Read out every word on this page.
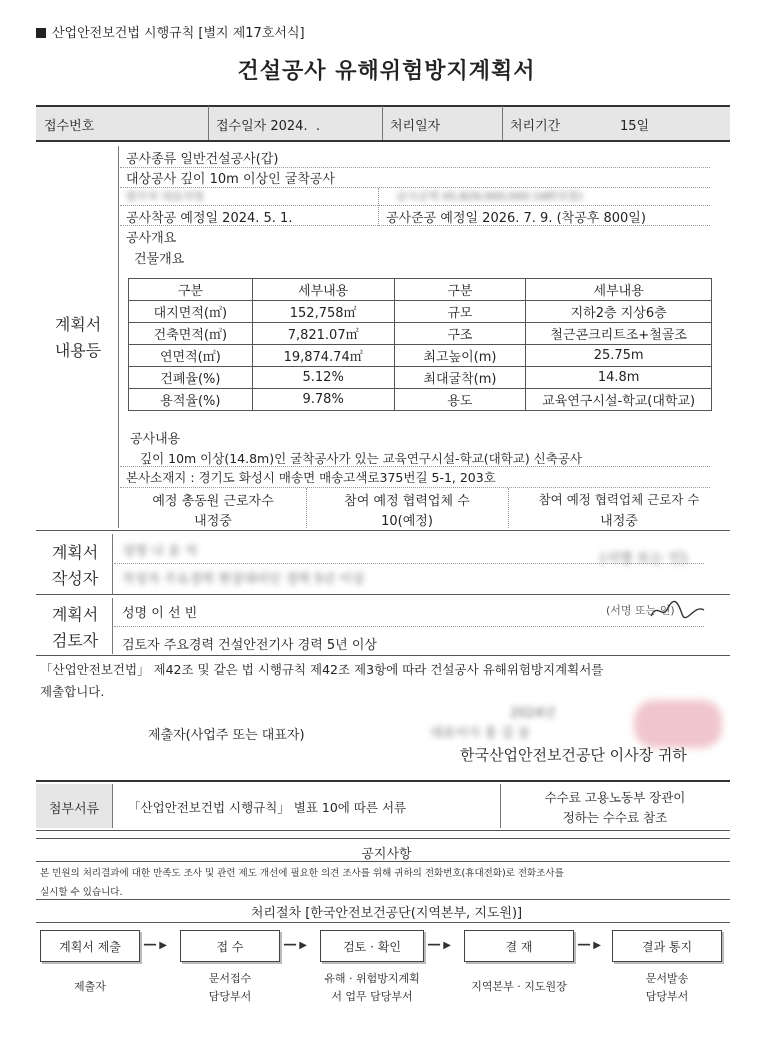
산업안전보건법 시행규칙 [별지 제17호서식]
건설공사 유해위험방지계획서
접수번호	접수일자 2024.  .	처리일자	처리기간	15일
계획서
내용등
공사종류 일반건설공사(갑)
대상공사 깊이 10m 이상인 굴착공사
발주처 대표자명	공사금액 45,829,000,000 (VAT포함)
공사착공 예정일 2024. 5. 1.	공사준공 예정일 2026. 7. 9. (착공후 800일)
공사개요
건물개요
구분	세부내용	구분	세부내용
대지면적(㎡)	152,758㎡	규모	지하2층 지상6층
건축면적(㎡)	7,821.07㎡	구조	철근콘크리트조+철골조
연면적(㎡)	19,874.74㎡	최고높이(m)	25.75m
건폐율(%)	5.12%	최대굴착(m)	14.8m
용적율(%)	9.78%	용도	교육연구시설-학교(대학교)
공사내용
깊이 10m 이상(14.8m)인 굴착공사가 있는 교육연구시설-학교(대학교) 신축공사
본사소재지 : 경기도 화성시 매송면 매송고색로375번길 5-1, 203호
예정 총동원 근로자수
내정중
참여 예정 협력업체 수
10(예정)
참여 예정 협력업체 근로자 수
내정중
계획서
작성자
성명 나 윤 석
작성자 주요경력 현장대리인 경력 5년 이상
(서명 또는 인)
계획서
검토자
성명 이 선 빈	(서명 또는 인)
검토자 주요경력 건설안전기사 경력 5년 이상
「산업안전보건법」 제42조 및 같은 법 시행규칙 제42조 제3항에 따라 건설공사 유해위험방지계획서를
제출합니다.
제출자(사업주 또는 대표자)
2024년
대표이사 홍 길 동
한국산업안전보건공단 이사장 귀하
첨부서류	「산업안전보건법 시행규칙」 별표 10에 따른 서류
수수료 고용노동부 장관이
정하는 수수료 참조
공지사항
본 민원의 처리결과에 대한 만족도 조사 및 관련 제도 개선에 필요한 의견 조사를 위해 귀하의 전화번호(휴대전화)로 전화조사를
실시할 수 있습니다.
처리절차 [한국안전보건공단(지역본부, 지도원)]
계획서 제출	━━ ▶	접 수	━━ ▶	검토 · 확인	━━ ▶	결 재	━━ ▶	결과 통지
제출자
문서접수
담당부서
유해 · 위험방지계획
서 업무 담당부서
지역본부 · 지도원장
문서발송
담당부서
